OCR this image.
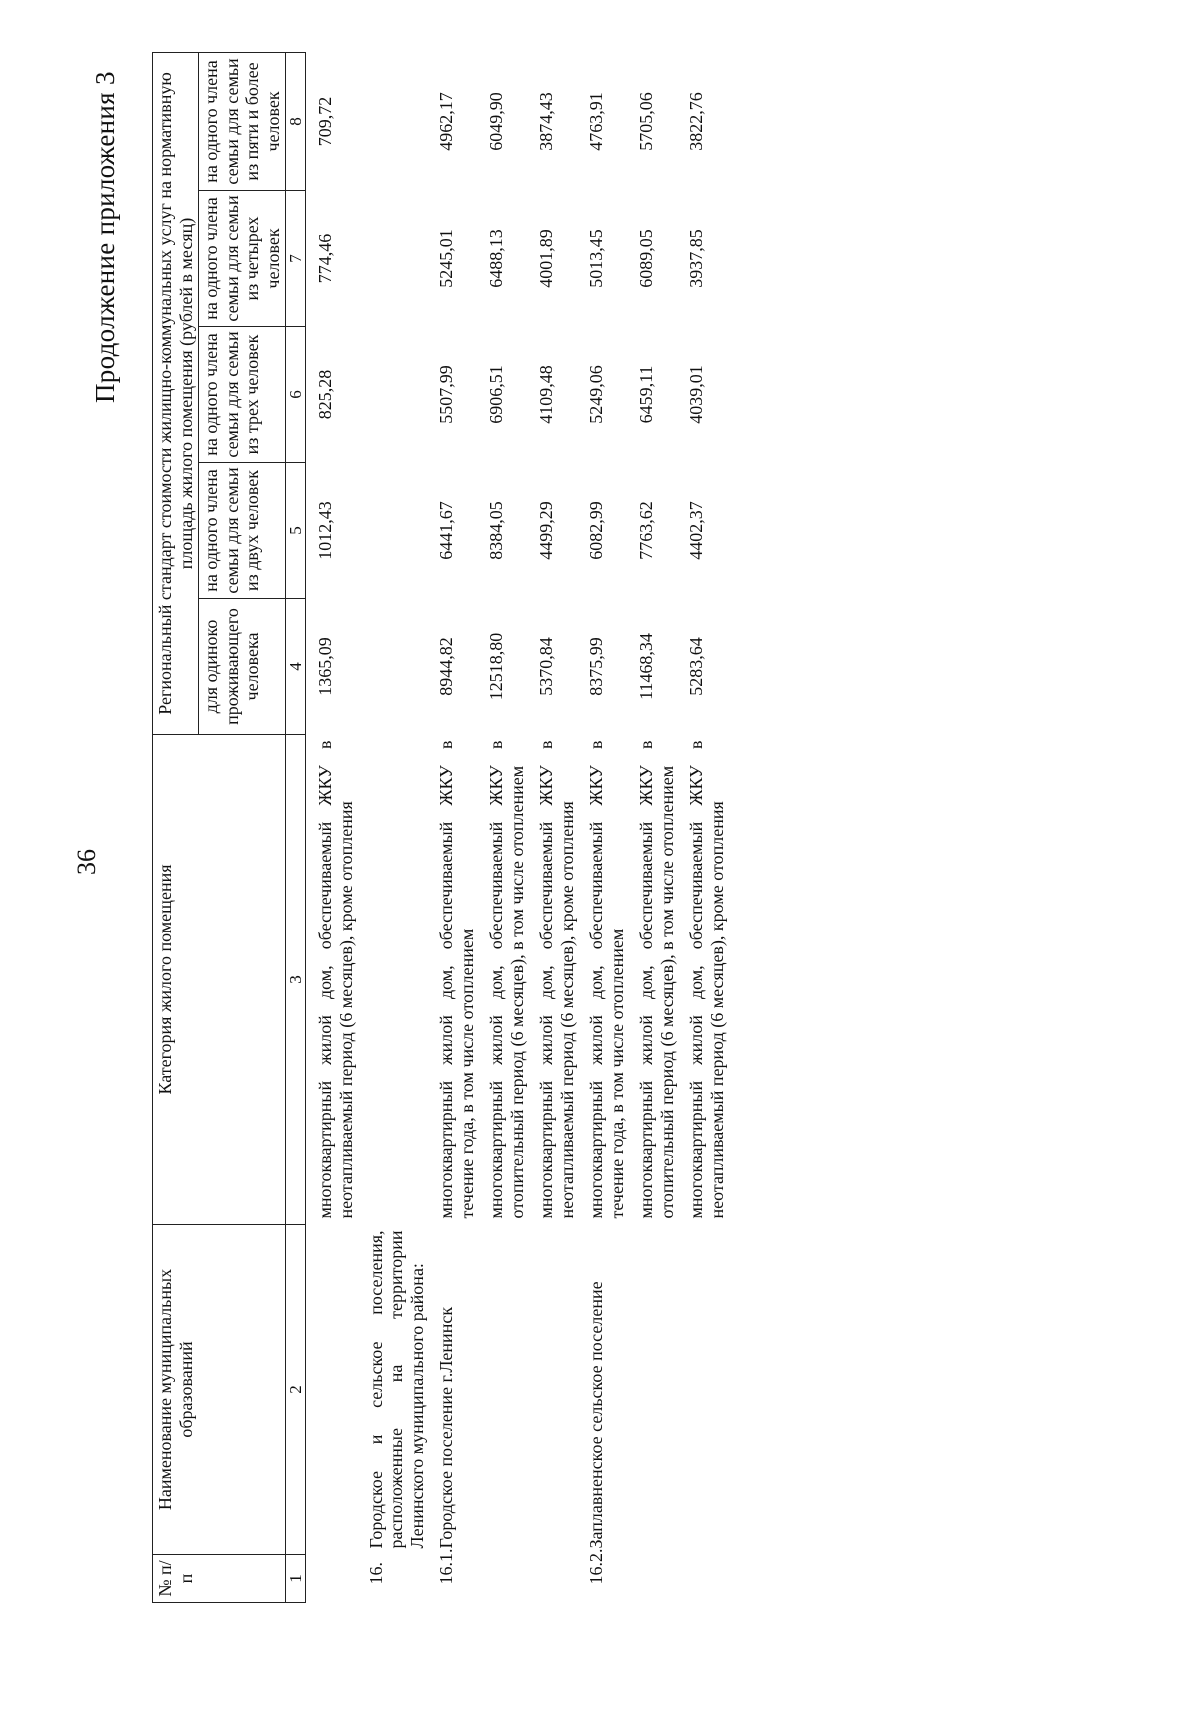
36
Продолжение приложения 3
№ п/п	Наименование муниципальных образований	Категория жилого помещения	Региональный стандарт стоимости жилищно-коммунальных услуг на нормативную площадь жилого помещения (рублей в месяц)				
			для одиноко проживающего человека	на одного члена семьи для семьи из двух человек	на одного члена семьи для семьи из трех человек	на одного члена семьи для семьи из четырех человек	на одного члена семьи для семьи из пяти и более человек
1	2	3	4	5	6	7	8
		многоквартирный жилой дом, обеспечиваемый ЖКУ в неотапливаемый период (6 месяцев), кроме отопления	1365,09	1012,43	825,28	774,46	709,72
16.	Городское и сельское поселения, расположенные на территории Ленинского муниципального района:						
16.1.	Городское поселение г.Ленинск	многоквартирный жилой дом, обеспечиваемый ЖКУ в течение года, в том числе отоплением	8944,82	6441,67	5507,99	5245,01	4962,17
		многоквартирный жилой дом, обеспечиваемый ЖКУ в отопительный период (6 месяцев), в том числе отоплением	12518,80	8384,05	6906,51	6488,13	6049,90
		многоквартирный жилой дом, обеспечиваемый ЖКУ в неотапливаемый период (6 месяцев), кроме отопления	5370,84	4499,29	4109,48	4001,89	3874,43
16.2.	Заплавненское сельское поселение	многоквартирный жилой дом, обеспечиваемый ЖКУ в течение года, в том числе отоплением	8375,99	6082,99	5249,06	5013,45	4763,91
		многоквартирный жилой дом, обеспечиваемый ЖКУ в отопительный период (6 месяцев), в том числе отоплением	11468,34	7763,62	6459,11	6089,05	5705,06
		многоквартирный жилой дом, обеспечиваемый ЖКУ в неотапливаемый период (6 месяцев), кроме отопления	5283,64	4402,37	4039,01	3937,85	3822,76
